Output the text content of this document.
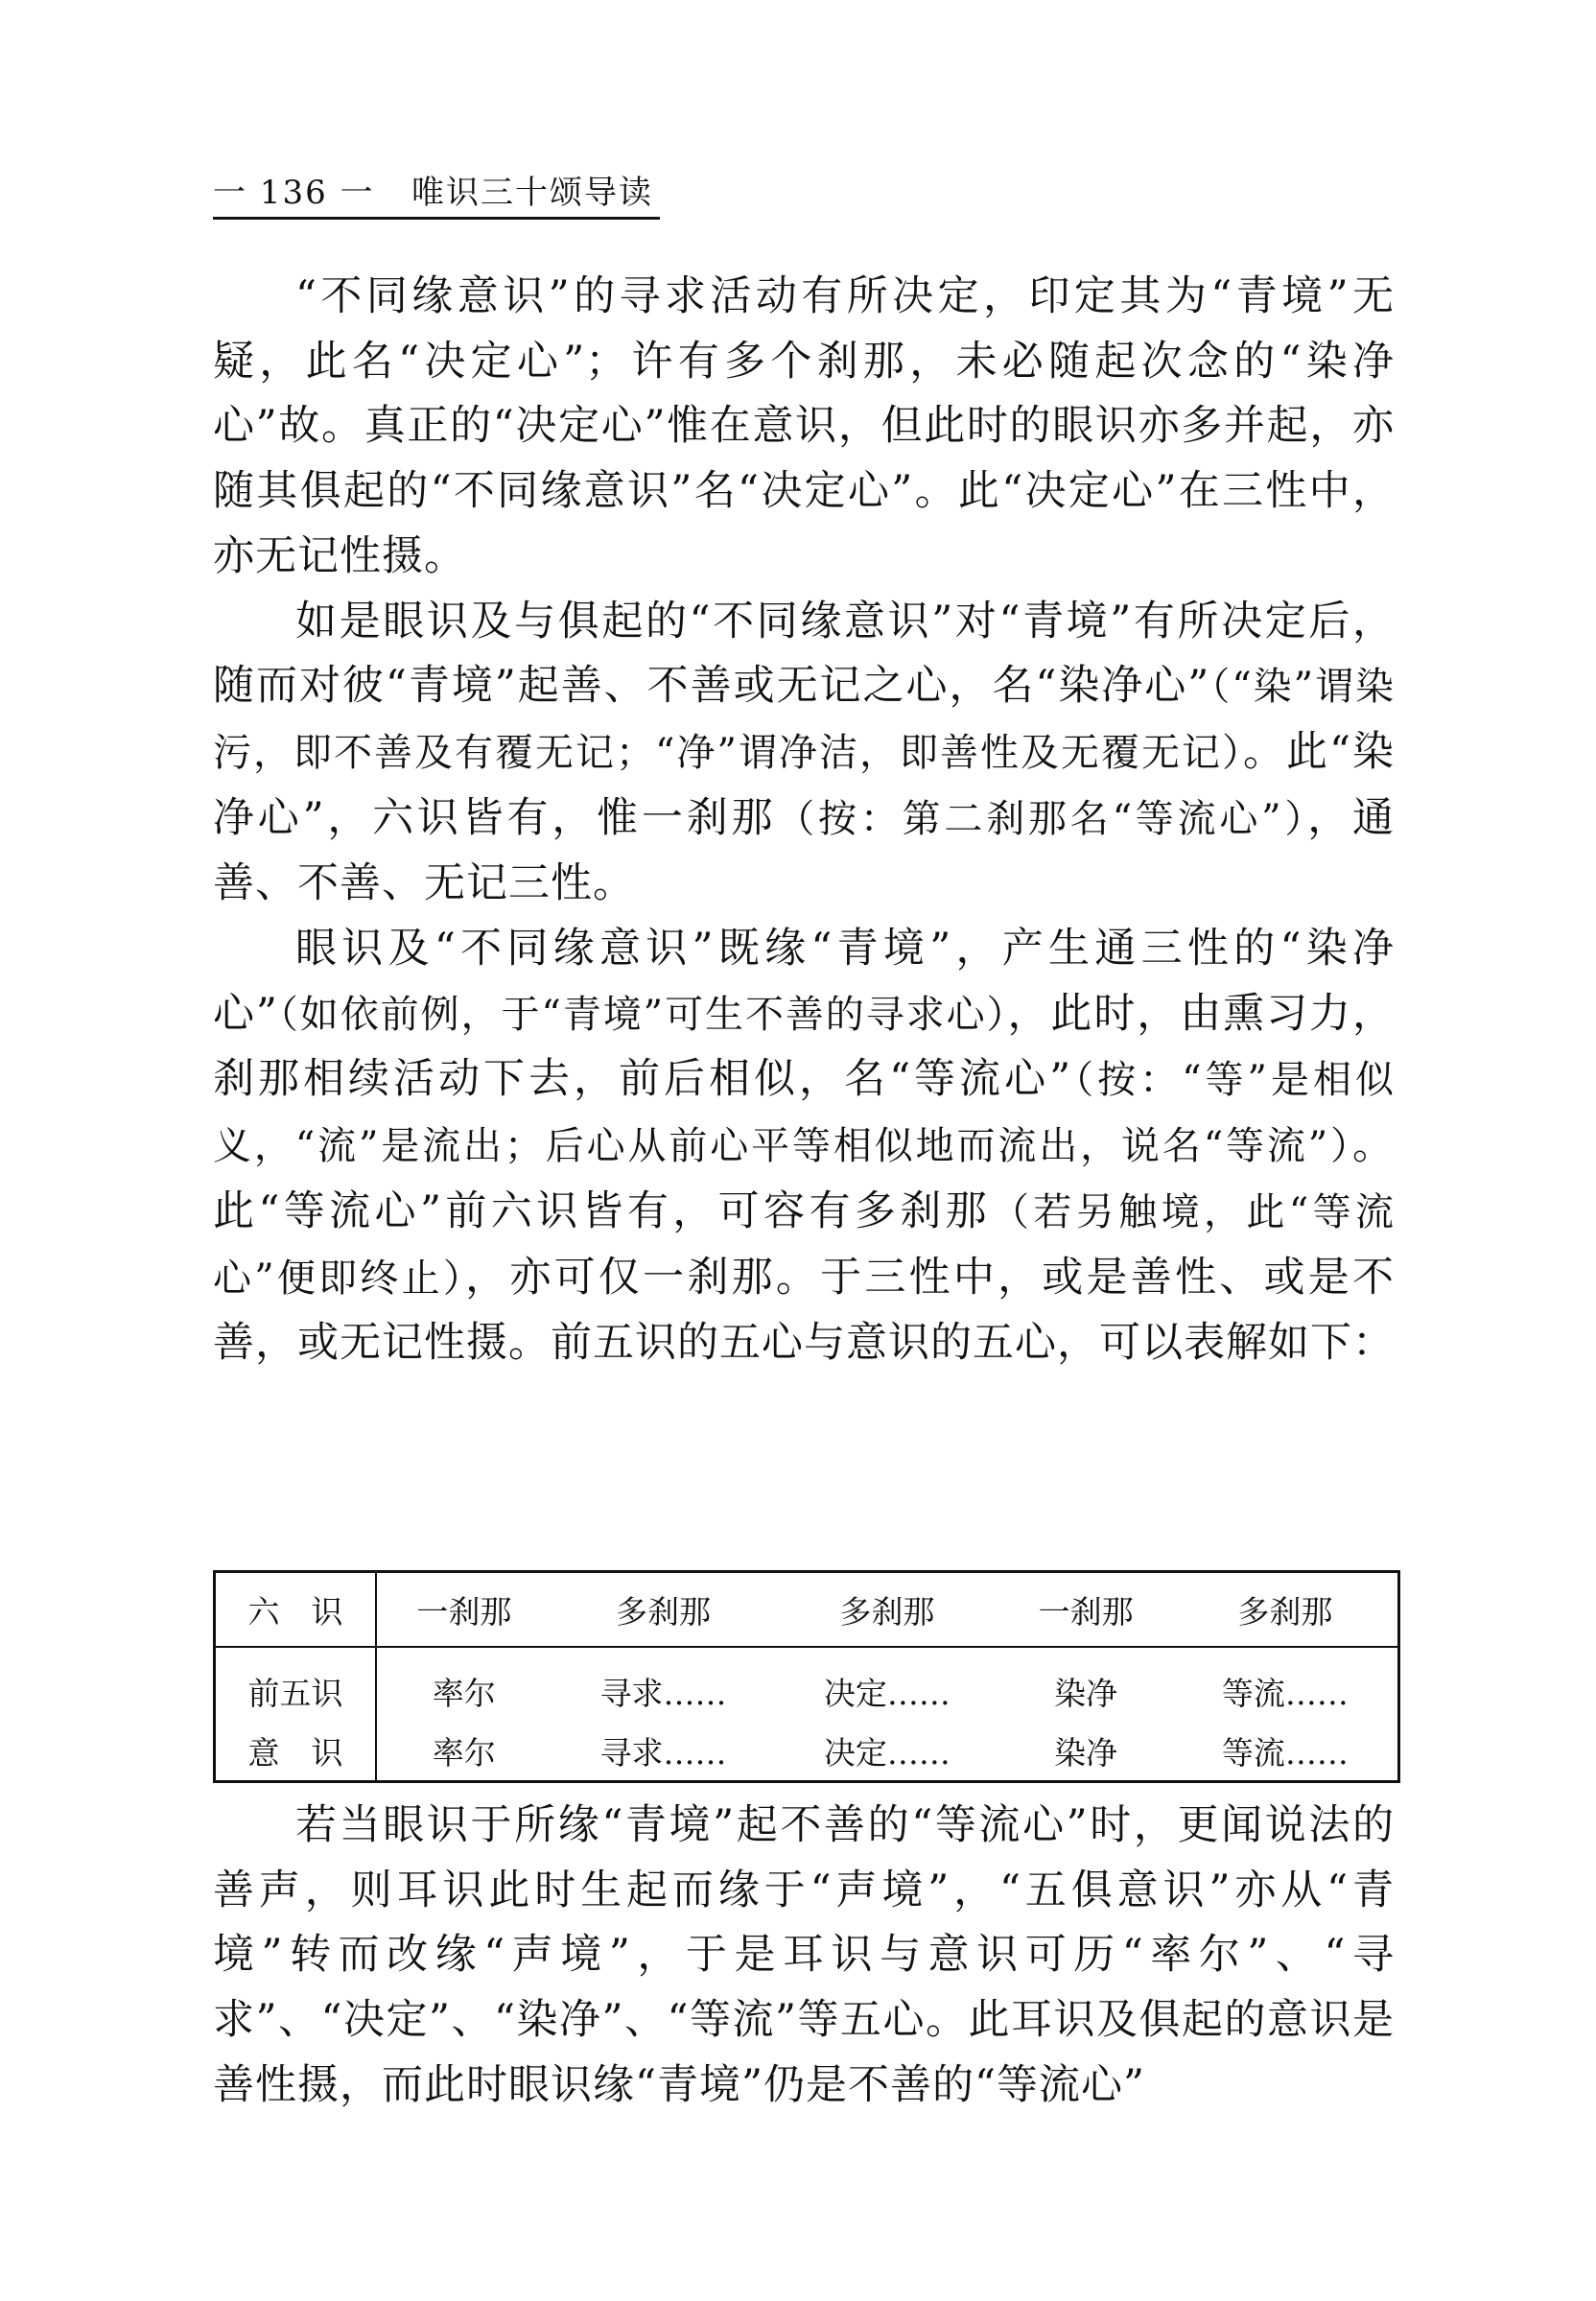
一 136 一 唯识三十颂导读

“不同缘意识”的寻求活动有所决定，印定其为“青境”无疑，此名“决定心”；许有多个刹那，未必随起次念的“染净心”故。真正的“决定心”惟在意识，但此时的眼识亦多并起，亦随其俱起的“不同缘意识”名“决定心”。此“决定心”在三性中，亦无记性摄。

如是眼识及与俱起的“不同缘意识”对“青境”有所决定后，随而对彼“青境”起善、不善或无记之心，名“染净心”（“染”谓染污，即不善及有覆无记；“净”谓净洁，即善性及无覆无记）。此“染净心”，六识皆有，惟一刹那（按：第二刹那名“等流心”），通善、不善、无记三性。

眼识及“不同缘意识”既缘“青境”，产生通三性的“染净心”（如依前例，于“青境”可生不善的寻求心），此时，由熏习力，刹那相续活动下去，前后相似，名“等流心”（按：“等”是相似义，“流”是流出；后心从前心平等相似地而流出，说名“等流”）。此“等流心”前六识皆有，可容有多刹那（若另触境，此“等流心”便即终止），亦可仅一刹那。于三性中，或是善性、或是不善，或无记性摄。前五识的五心与意识的五心，可以表解如下：

六　识	一刹那	多刹那	多刹那	一刹那	多刹那
前五识	率尔	寻求……	决定……	染净	等流……
意　识	率尔	寻求……	决定……	染净	等流……

若当眼识于所缘“青境”起不善的“等流心”时，更闻说法的善声，则耳识此时生起而缘于“声境”，“五俱意识”亦从“青境”转而改缘“声境”，于是耳识与意识可历“率尔”、“寻求”、“决定”、“染净”、“等流”等五心。此耳识及俱起的意识是善性摄，而此时眼识缘“青境”仍是不善的“等流心”
